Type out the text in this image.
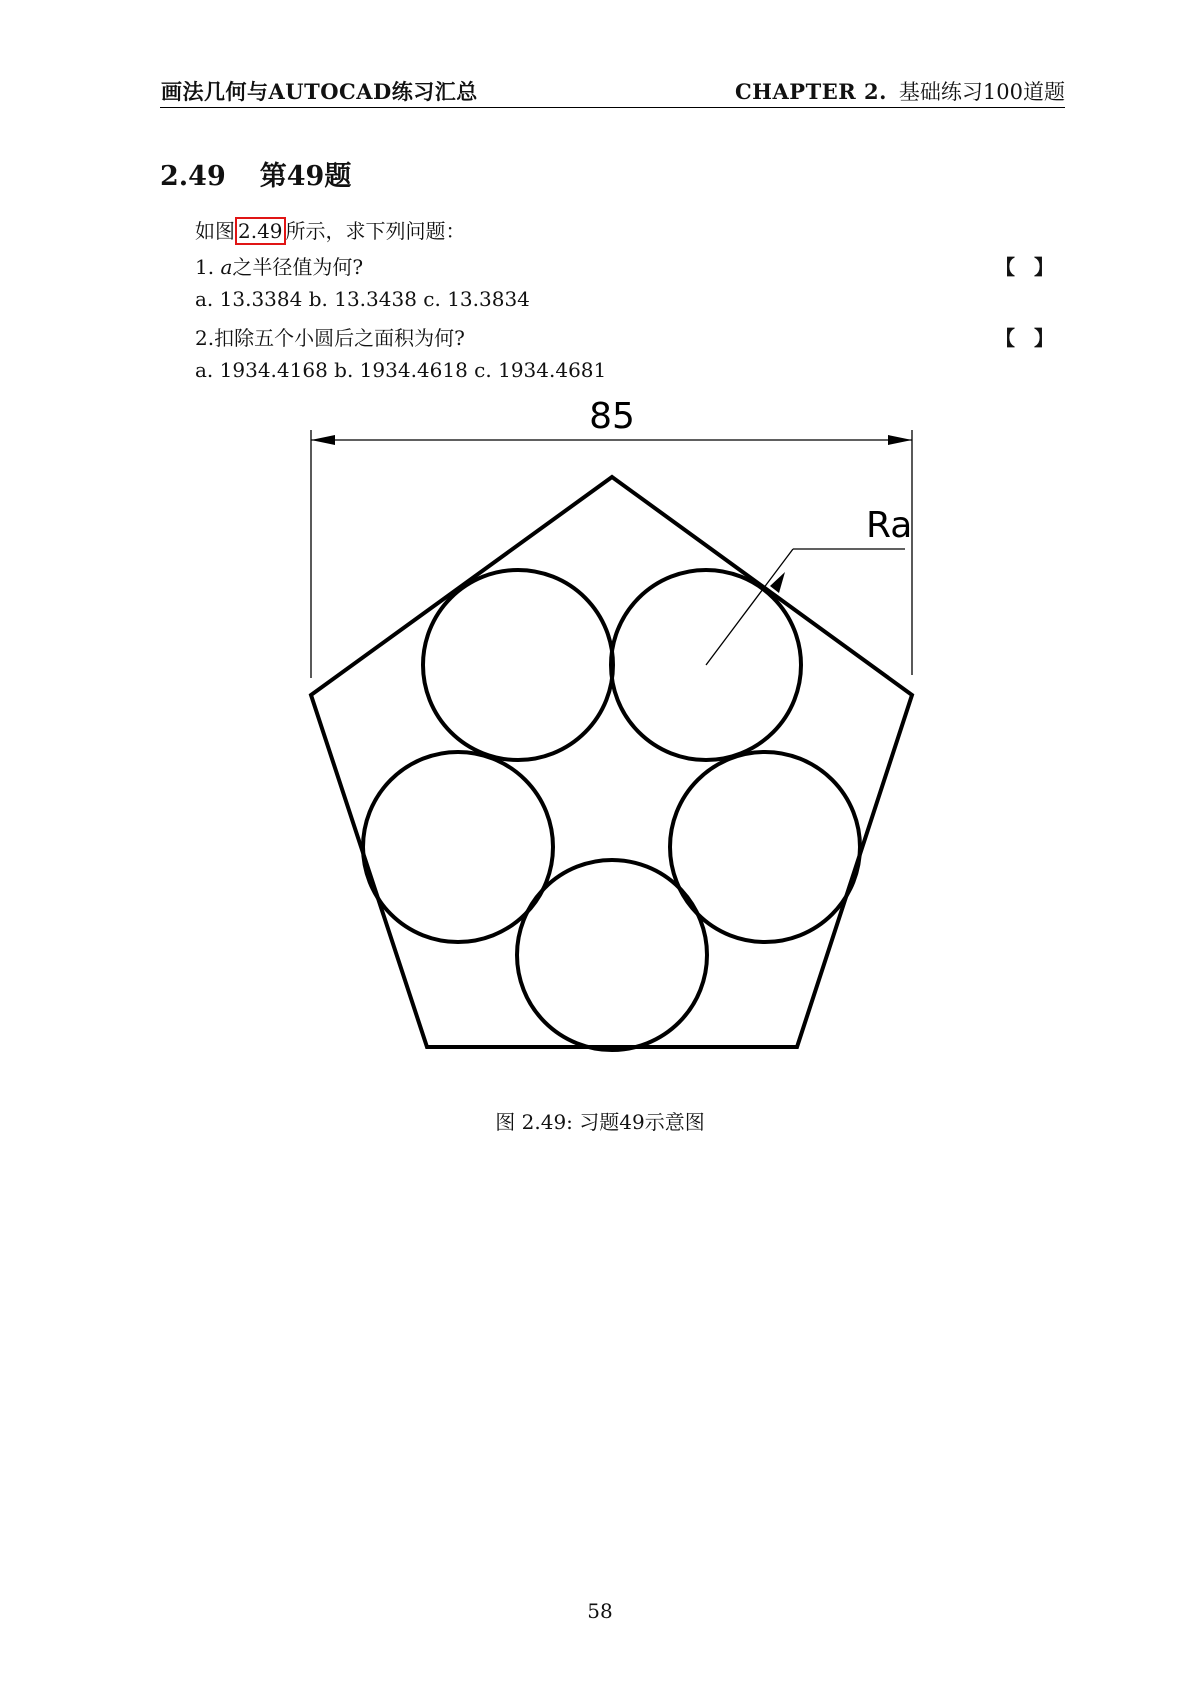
画法几何与AUTOCAD练习汇总	CHAPTER 2. 基础练习100道题
2.49 第49题
如图 2.49 所示，求下列问题：
1. a之半径值为何?	【 】
a. 13.3384 b. 13.3438 c. 13.3834
2.扣除五个小圆后之面积为何?	【 】
a. 1934.4168 b. 1934.4618 c. 1934.4681
85
Ra
图 2.49: 习题49示意图
58
